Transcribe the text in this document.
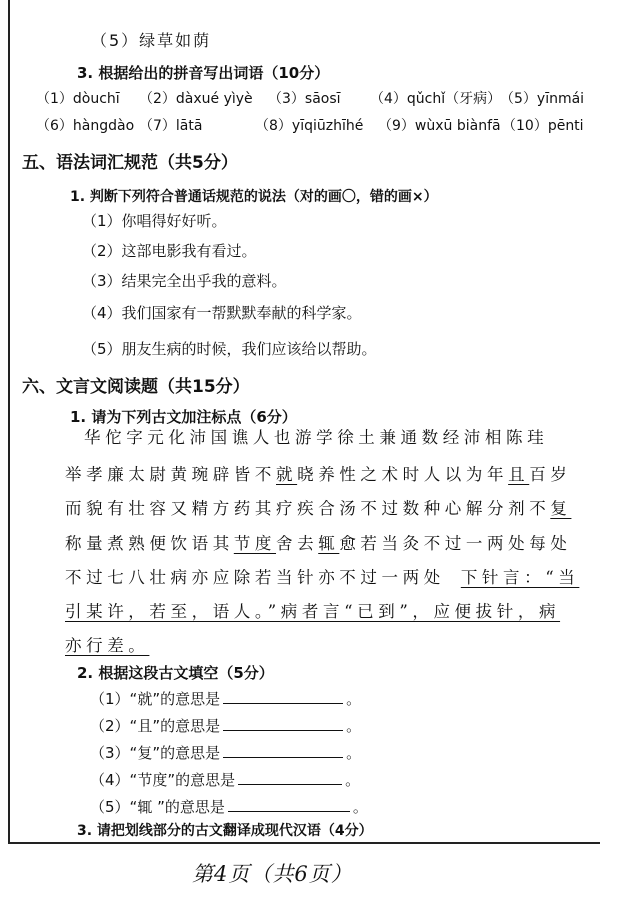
（5）绿草如荫
3. 根据给出的拼音写出词语（10分）
（1）dòuchī （2）dàxué yìyè （3）sāosī （4）qǔchǐ（牙病）
（5）yīnmái
（6）hàngdào （7）lātā	（8）yīqiūzhīhé （9）wùxū biànfā （10）pēnti
五、语法词汇规范（共5分）
1. 判断下列符合普通话规范的说法（对的画〇，错的画×）
（1）你唱得好好听。
（2）这部电影我有看过。
（3）结果完全出乎我的意料。
（4）我们国家有一帮默默奉献的科学家。
（5）朋友生病的时候，我们应该给以帮助。
六、文言文阅读题（共15分）
1. 请为下列古文加注标点（6分）
华佗字元化沛国谯人也游学徐土兼通数经沛相陈珪
举孝廉太尉黄琬辟皆不就晓养性之术时人以为年且百岁
而貌有壮容又精方药其疗疾合汤不过数种心解分剂不复
称量煮熟便饮语其节度舍去辄愈若当灸不过一两处每处
不过七八壮病亦应除若当针亦不过一两处 下针言：“当
引某许，若至，语人。”病者言“已到”，应便拔针，病
亦行差。
2. 根据这段古文填空（5分）
（1）“就”的意思是	。
（2）“且”的意思是	。
（3）“复”的意思是	。
（4）“节度”的意思是	。
（5）“辄 ”的意思是	。
3. 请把划线部分的古文翻译成现代汉语（4分）
第4页（共6页）
